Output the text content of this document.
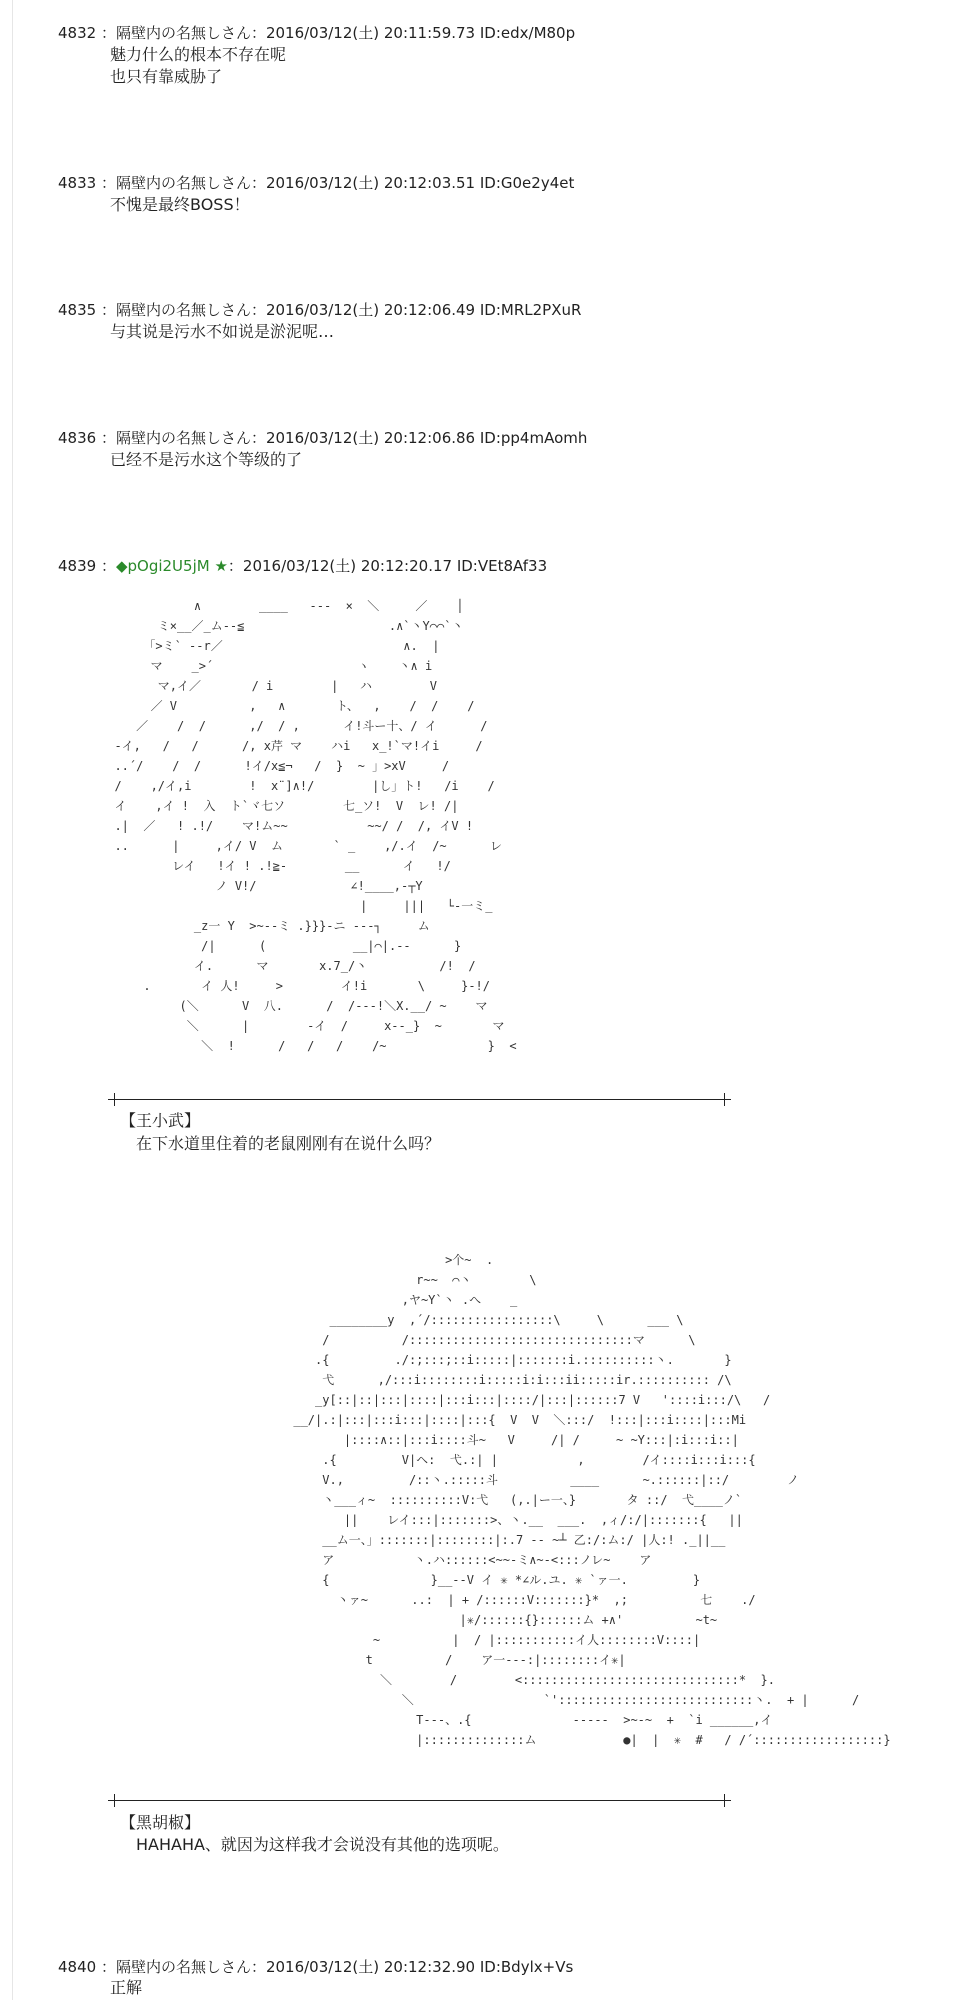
4832 ：隔壁内の名無しさん：2016/03/12(土) 20:11:59.73 ID:edx/M80p
魅力什么的根本不存在呢
也只有靠威胁了
4833 ：隔壁内の名無しさん：2016/03/12(土) 20:12:03.51 ID:G0e2y4et
不愧是最终BOSS！
4835 ：隔壁内の名無しさん：2016/03/12(土) 20:12:06.49 ID:MRL2PXuR
与其说是污水不如说是淤泥呢…
4836 ：隔壁内の名無しさん：2016/03/12(土) 20:12:06.86 ID:pp4mAomh
已经不是污水这个等级的了
4839 ：◆pOgi2U5jM ★：2016/03/12(土) 20:12:20.17 ID:VEt8Af33
∧        ____   ---  ×  ＼     ／    │
ミ×__／_ム--≦                    .∧`丶Y⌒⌒`丶
「>ミ` --r／                         ∧.  |
マ    _>´                    ヽ    丶∧ i
マ,イ／       / i        |   ハ        V
／ V          ,   ∧       ト、  ,    /  /    /
／    /  /      ,/  / ,      イ!斗ー十、/ イ      /
-イ,   /   /      /, x芹 マ    ハi   x_!`マ!イi     /
..´/    /  /      !イ/x≦¬   /  }  ~ 」>xV     /
/    ,/イ,i        !  x¨]∧!/        |し」ト!   /i    /
イ    ,イ !  入  ト`ヾ七ソ        七_ソ!  V  レ! /|
.|  ／   ! .!/    マ!ム~~           ~~/ /  /, イV !
..      |     ,イ/ V  ム       ` _    ,/.イ  /~      レ
レイ   !イ ! .!≧-        __      イ   !/
ノ V!/             ∠!____,-┬Y
|     |||   └-一ミ_
_z一 Y  >~--ミ .}}}-ニ ---┐     ム
/|      (            __|⌒|.--      }
イ.      マ       x.7_/丶          /!  /
.       イ 人!     >        イ!i       \     }-!/
(＼      V  八.      /  /---!＼X.__/ ~    マ
＼      |        -イ  /     x--_}  ~       マ
＼  !      /   /   /    /~              }  <
【王小武】
在下水道里住着的老鼠刚刚有在说什么吗？
>个~  .
r~~  ⌒丶        \
,ヤ~Y`丶 .へ    _
________y  ,´/:::::::::::::::::\     \      ___ \
/          /:::::::::::::::::::::::::::::::マ      \
.{         ./:;:::;::i:::::|:::::::i.::::::::::丶.       }
弋      ,/:::i::::::::i:::::i:i:::ii:::::ir.:::::::::: /\
_y[::|::|:::|::::|:::i:::|::::/|:::|::::::7 V   '::::i:::/\   /
__/|.:|:::|:::i:::|::::|:::{  V  V  ＼:::/  !:::|:::i::::|:::Mi
|::::∧::|:::i::::斗~   V     /| /     ~ ~Y:::|:i:::i::|
.{         V|ヘ:  弋.:| |           ,        /イ::::i:::i:::{
V.,         /::丶.:::::斗          ____      ~.::::::|::/        ノ
丶___ィ~  ::::::::::V:弋   (,.|ー一、}       タ ::/  弋____ノ`
||    レイ:::|:::::::>、丶.__  ___.  ,ィ/:/|:::::::{   ||
__ム一、」:::::::|::::::::|:.7 -- ~┴ 乙:/:ム:/ |人:! ._||__
ア           丶.ハ::::::<~~-ミ∧~-<:::ノレ~    ア
{              }__--V イ ✳ *∠ル.ユ. ✳ `ァ一.         }
丶ァ~      ..:  | + /::::::V:::::::}*  ,;          七    ./
|✳/::::::{}::::::ム +∧'          ~t~
~          |  / |:::::::::::イ人::::::::V::::|
t          /    ア一---:|::::::::イ✳|
＼        /        <::::::::::::::::::::::::::::::*  }.
＼                  `':::::::::::::::::::::::::::丶.  + |      /
T---、.{              -----  >~-~  +  `i ______,イ
|::::::::::::::ム            ●|  |  ✳  #   / /´::::::::::::::::::}
【黑胡椒】
HAHAHA、就因为这样我才会说没有其他的选项呢。
4840 ：隔壁内の名無しさん：2016/03/12(土) 20:12:32.90 ID:Bdylx+Vs
正解
